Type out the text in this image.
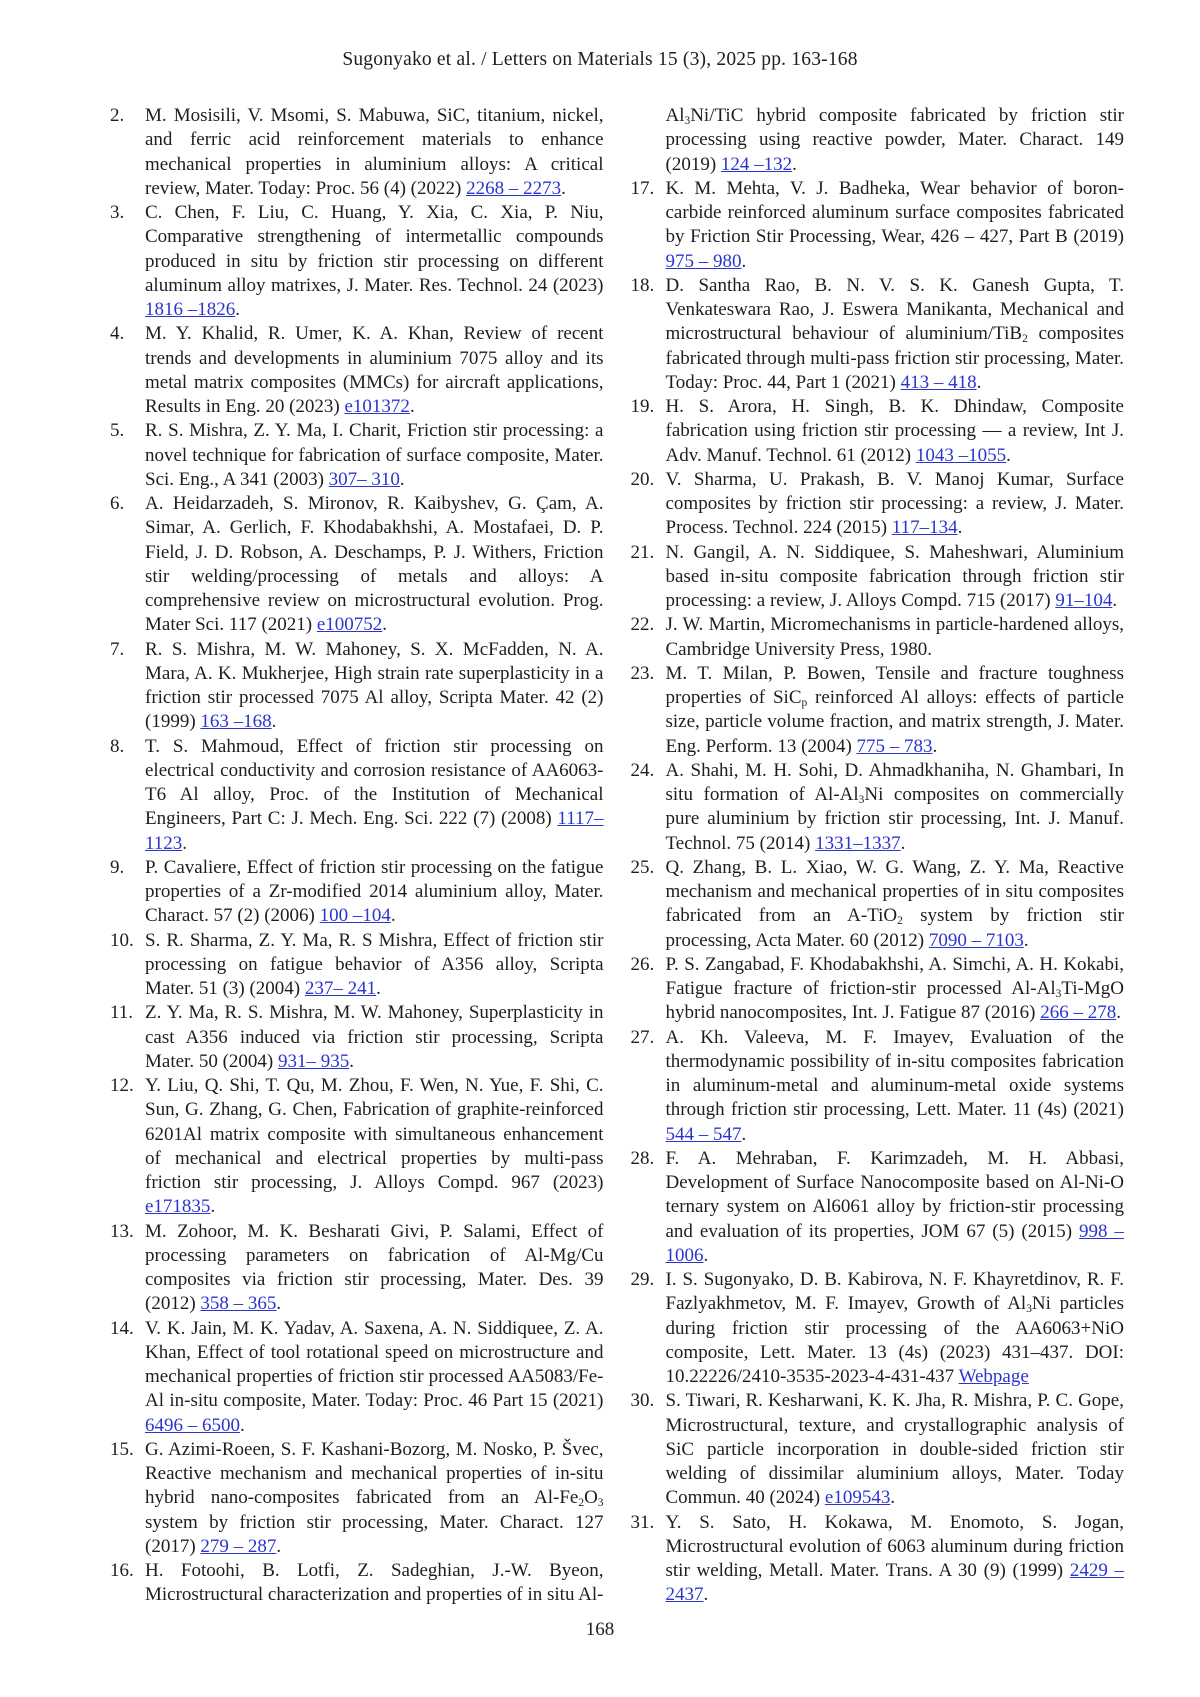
Sugonyako et al. / Letters on Materials 15 (3), 2025 pp. 163-168
2. M. Mosisili, V. Msomi, S. Mabuwa, SiC, titanium, nickel, and ferric acid reinforcement materials to enhance mechanical properties in aluminium alloys: A critical review, Mater. Today: Proc. 56 (4) (2022) 2268 – 2273.
3. C. Chen, F. Liu, C. Huang, Y. Xia, C. Xia, P. Niu, Comparative strengthening of intermetallic compounds produced in situ by friction stir processing on different aluminum alloy matrixes, J. Mater. Res. Technol. 24 (2023) 1816 –1826.
4. M. Y. Khalid, R. Umer, K. A. Khan, Review of recent trends and developments in aluminium 7075 alloy and its metal matrix composites (MMCs) for aircraft applications, Results in Eng. 20 (2023) e101372.
5. R. S. Mishra, Z. Y. Ma, I. Charit, Friction stir processing: a novel technique for fabrication of surface composite, Mater. Sci. Eng., A 341 (2003) 307– 310.
6. A. Heidarzadeh, S. Mironov, R. Kaibyshev, G. Çam, A. Simar, A. Gerlich, F. Khodabakhshi, A. Mostafaei, D. P. Field, J. D. Robson, A. Deschamps, P. J. Withers, Friction stir welding/processing of metals and alloys: A comprehensive review on microstructural evolution. Prog. Mater Sci. 117 (2021) e100752.
7. R. S. Mishra, M. W. Mahoney, S. X. McFadden, N. A. Mara, A. K. Mukherjee, High strain rate superplasticity in a friction stir processed 7075 Al alloy, Scripta Mater. 42 (2) (1999) 163 –168.
8. T. S. Mahmoud, Effect of friction stir processing on electrical conductivity and corrosion resistance of AA6063-T6 Al alloy, Proc. of the Institution of Mechanical Engineers, Part C: J. Mech. Eng. Sci. 222 (7) (2008) 1117–1123.
9. P. Cavaliere, Effect of friction stir processing on the fatigue properties of a Zr-modified 2014 aluminium alloy, Mater. Charact. 57 (2) (2006) 100 –104.
10. S. R. Sharma, Z. Y. Ma, R. S Mishra, Effect of friction stir processing on fatigue behavior of A356 alloy, Scripta Mater. 51 (3) (2004) 237– 241.
11. Z. Y. Ma, R. S. Mishra, M. W. Mahoney, Superplasticity in cast A356 induced via friction stir processing, Scripta Mater. 50 (2004) 931– 935.
12. Y. Liu, Q. Shi, T. Qu, M. Zhou, F. Wen, N. Yue, F. Shi, C. Sun, G. Zhang, G. Chen, Fabrication of graphite-reinforced 6201Al matrix composite with simultaneous enhancement of mechanical and electrical properties by multi-pass friction stir processing, J. Alloys Compd. 967 (2023) e171835.
13. M. Zohoor, M. K. Besharati Givi, P. Salami, Effect of processing parameters on fabrication of Al-Mg/Cu composites via friction stir processing, Mater. Des. 39 (2012) 358 – 365.
14. V. K. Jain, M. K. Yadav, A. Saxena, A. N. Siddiquee, Z. A. Khan, Effect of tool rotational speed on microstructure and mechanical properties of friction stir processed AA5083/Fe-Al in-situ composite, Mater. Today: Proc. 46 Part 15 (2021) 6496 – 6500.
15. G. Azimi-Roeen, S. F. Kashani-Bozorg, M. Nosko, P. Švec, Reactive mechanism and mechanical properties of in-situ hybrid nano-composites fabricated from an $Al-Fe_2O_3$ system by friction stir processing, Mater. Charact. 127 (2017) 279 – 287.
16. H. Fotoohi, B. Lotfi, Z. Sadeghian, J.-W. Byeon, Microstructural characterization and properties of in situ $Al-Al_3Ni$/TiC hybrid composite fabricated by friction stir processing using reactive powder, Mater. Charact. 149 (2019) 124 –132.
17. K. M. Mehta, V. J. Badheka, Wear behavior of boron-carbide reinforced aluminum surface composites fabricated by Friction Stir Processing, Wear, 426 – 427, Part B (2019) 975 – 980.
18. D. Santha Rao, B. N. V. S. K. Ganesh Gupta, T. Venkateswara Rao, J. Eswera Manikanta, Mechanical and microstructural behaviour of aluminium/TiB$_2$ composites fabricated through multi-pass friction stir processing, Mater. Today: Proc. 44, Part 1 (2021) 413 – 418.
19. H. S. Arora, H. Singh, B. K. Dhindaw, Composite fabrication using friction stir processing — a review, Int J. Adv. Manuf. Technol. 61 (2012) 1043 –1055.
20. V. Sharma, U. Prakash, B. V. Manoj Kumar, Surface composites by friction stir processing: a review, J. Mater. Process. Technol. 224 (2015) 117–134.
21. N. Gangil, A. N. Siddiquee, S. Maheshwari, Aluminium based in-situ composite fabrication through friction stir processing: a review, J. Alloys Compd. 715 (2017) 91–104.
22. J. W. Martin, Micromechanisms in particle-hardened alloys, Cambridge University Press, 1980.
23. M. T. Milan, P. Bowen, Tensile and fracture toughness properties of SiC$_p$ reinforced Al alloys: effects of particle size, particle volume fraction, and matrix strength, J. Mater. Eng. Perform. 13 (2004) 775 – 783.
24. A. Shahi, M. H. Sohi, D. Ahmadkhaniha, N. Ghambari, In situ formation of $Al-Al_3Ni$ composites on commercially pure aluminium by friction stir processing, Int. J. Manuf. Technol. 75 (2014) 1331–1337.
25. Q. Zhang, B. L. Xiao, W. G. Wang, Z. Y. Ma, Reactive mechanism and mechanical properties of in situ composites fabricated from an A-TiO$_2$ system by friction stir processing, Acta Mater. 60 (2012) 7090 – 7103.
26. P. S. Zangabad, F. Khodabakhshi, A. Simchi, A. H. Kokabi, Fatigue fracture of friction-stir processed $Al-Al_3Ti$-MgO hybrid nanocomposites, Int. J. Fatigue 87 (2016) 266 – 278.
27. A. Kh. Valeeva, M. F. Imayev, Evaluation of the thermodynamic possibility of in-situ composites fabrication in aluminum-metal and aluminum-metal oxide systems through friction stir processing, Lett. Mater. 11 (4s) (2021) 544 – 547.
28. F. A. Mehraban, F. Karimzadeh, M. H. Abbasi, Development of Surface Nanocomposite based on Al-Ni-O ternary system on Al6061 alloy by friction-stir processing and evaluation of its properties, JOM 67 (5) (2015) 998 –1006.
29. I. S. Sugonyako, D. B. Kabirova, N. F. Khayretdinov, R. F. Fazlyakhmetov, M. F. Imayev, Growth of $Al_3Ni$ particles during friction stir processing of the AA6063+NiO composite, Lett. Mater. 13 (4s) (2023) 431–437. DOI: 10.22226/2410-3535-2023-4-431-437 Webpage
30. S. Tiwari, R. Kesharwani, K. K. Jha, R. Mishra, P. C. Gope, Microstructural, texture, and crystallographic analysis of SiC particle incorporation in double-sided friction stir welding of dissimilar aluminium alloys, Mater. Today Commun. 40 (2024) e109543.
31. Y. S. Sato, H. Kokawa, M. Enomoto, S. Jogan, Microstructural evolution of 6063 aluminum during friction stir welding, Metall. Mater. Trans. A 30 (9) (1999) 2429 – 2437.
168
